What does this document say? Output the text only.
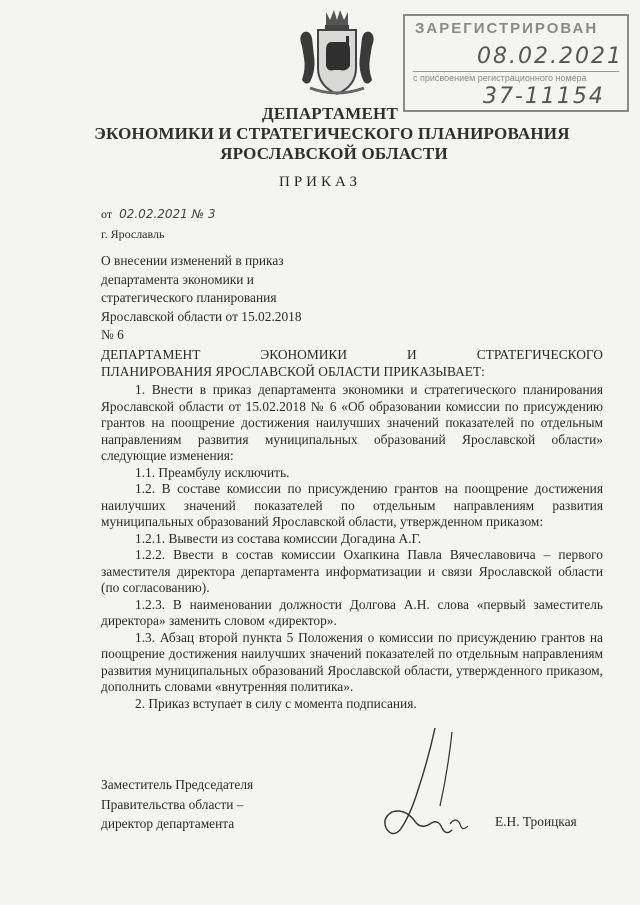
ЗАРЕГИСТРИРОВАН
08.02.2021
с присвоением регистрационного номера
37-11154
ДЕПАРТАМЕНТ
ЭКОНОМИКИ И СТРАТЕГИЧЕСКОГО ПЛАНИРОВАНИЯ
ЯРОСЛАВСКОЙ ОБЛАСТИ
ПРИКАЗ
от 02.02.2021 № 3
г. Ярославль
О внесении изменений в приказ
департамента экономики и
стратегического планирования
Ярославской области от 15.02.2018
№ 6
ДЕПАРТАМЕНТ	ЭКОНОМИКИ	И	СТРАТЕГИЧЕСКОГО
ПЛАНИРОВАНИЯ ЯРОСЛАВСКОЙ ОБЛАСТИ ПРИКАЗЫВАЕТ:

1. Внести в приказ департамента экономики и стратегического планирования Ярославской области от 15.02.2018 № 6 «Об образовании комиссии по присуждению грантов на поощрение достижения наилучших значений показателей по отдельным направлениям развития муниципальных образований Ярославской области» следующие изменения:

1.1. Преамбулу исключить.

1.2. В составе комиссии по присуждению грантов на поощрение достижения наилучших значений показателей по отдельным направлениям развития муниципальных образований Ярославской области, утвержденном приказом:

1.2.1. Вывести из состава комиссии Догадина А.Г.

1.2.2. Ввести в состав комиссии Охапкина Павла Вячеславовича – первого заместителя директора департамента информатизации и связи Ярославской области (по согласованию).

1.2.3. В наименовании должности Долгова А.Н. слова «первый заместитель директора» заменить словом «директор».

1.3. Абзац второй пункта 5 Положения о комиссии по присуждению грантов на поощрение достижения наилучших значений показателей по отдельным направлениям развития муниципальных образований Ярославской области, утвержденного приказом, дополнить словами «внутренняя политика».

2. Приказ вступает в силу с момента подписания.

Заместитель Председателя
Правительства области –
директор департамента	Е.Н. Троицкая
